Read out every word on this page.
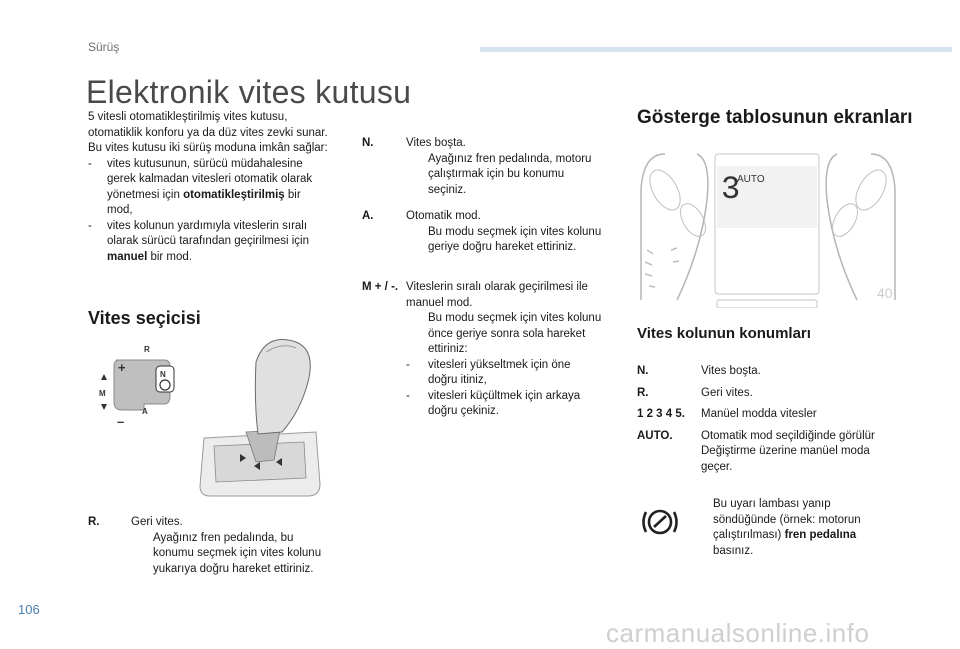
Sürüş
Elektronik vites kutusu
5 vitesli otomatikleştirilmiş vites kutusu,
otomatiklik konforu ya da düz vites zevki sunar.
Bu vites kutusu iki sürüş moduna imkân sağlar:
- vites kutusunun, sürücü müdahalesine
gerek kalmadan vitesleri otomatik olarak
yönetmesi için otomatikleştirilmiş bir
mod,
- vites kolunun yardımıyla viteslerin sıralı
olarak sürücü tarafından geçirilmesi için
manuel bir mod.
Vites seçicisi
R
+
M
A
N
–
R.	Geri vites.
Ayağınız fren pedalında, bu
konumu seçmek için vites kolunu
yukarıya doğru hareket ettiriniz.
N.	Vites boşta.
Ayağınız fren pedalında, motoru
çalıştırmak için bu konumu
seçiniz.
A.	Otomatik mod.
Bu modu seçmek için vites kolunu
geriye doğru hareket ettiriniz.
M + / -. Viteslerin sıralı olarak geçirilmesi ile
manuel mod.
Bu modu seçmek için vites kolunu
önce geriye sonra sola hareket
ettiriniz:
- vitesleri yükseltmek için öne
doğru itiniz,
- vitesleri küçültmek için arkaya
doğru çekiniz.
Gösterge tablosunun ekranları
3
AUTO
40
Vites kolunun konumları
N.	Vites boşta.
R.	Geri vites.
1 2 3 4 5. Manüel modda vitesler
AUTO. Otomatik mod seçildiğinde görülür
Değiştirme üzerine manüel moda
geçer.
Bu uyarı lambası yanıp
söndüğünde (örnek: motorun
çalıştırılması) fren pedalına
basınız.
106
carmanualsonline.info
